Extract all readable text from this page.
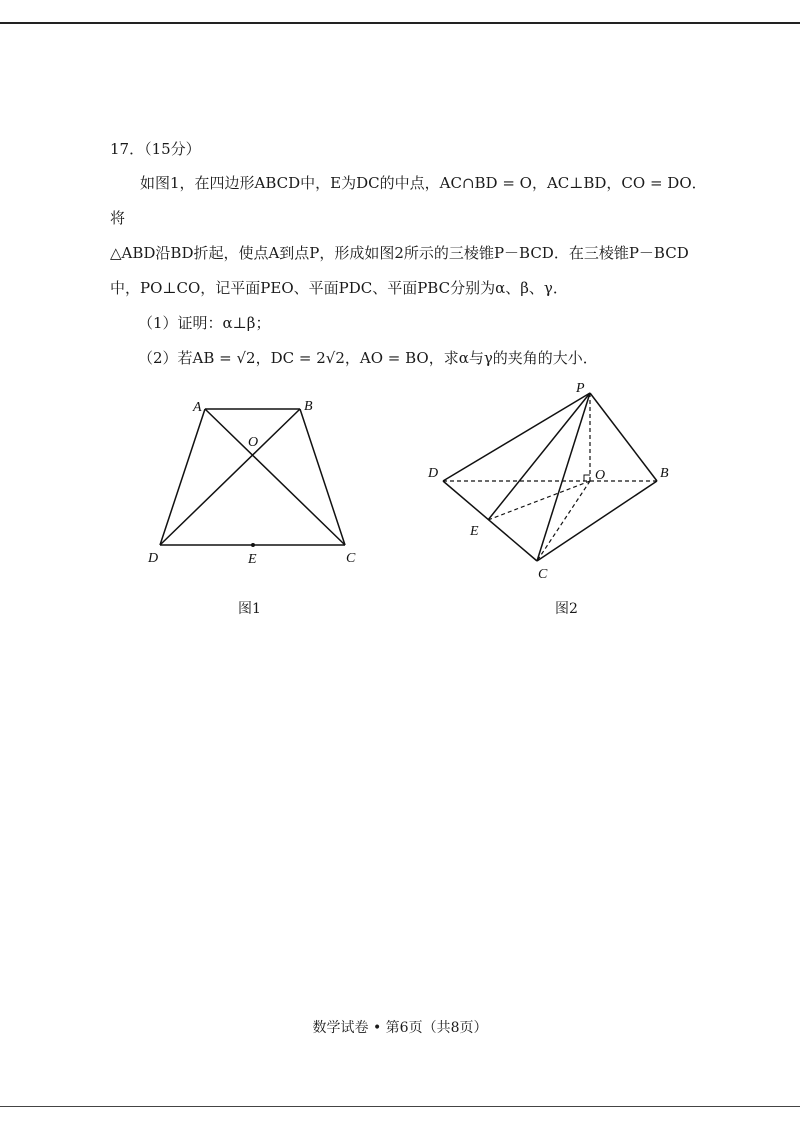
17．（15分）

如图1，在四边形ABCD中，E为DC的中点，AC∩BD = O，AC⊥BD，CO = DO．将

△ABD沿BD折起，使点A到点P，形成如图2所示的三棱锥P－BCD．在三棱锥P－BCD

中，PO⊥CO，记平面PEO、平面PDC、平面PBC分别为α、β、γ．

（1）证明：α⊥β；

（2）若AB = √2，DC = 2√2，AO = BO，求α与γ的夹角的大小．

A	B
O
D	E	C
P
D	O	B
E
C
图1	图2
数学试卷 • 第6页（共8页）
